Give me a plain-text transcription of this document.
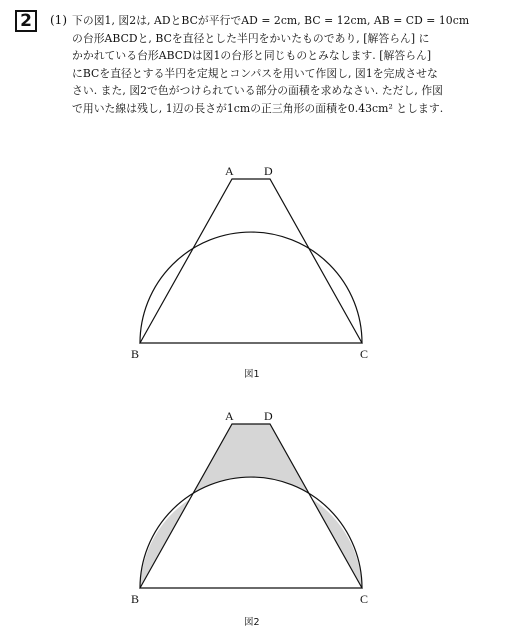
2	(1) 下の図1, 図2は, ADとBCが平行でAD = 2cm, BC = 12cm, AB = CD = 10cm
の台形ABCDと, BCを直径とした半円をかいたものであり, [解答らん] に
かかれている台形ABCDは図1の台形と同じものとみなします. [解答らん]
にBCを直径とする半円を定規とコンパスを用いて作図し, 図1を完成させな
さい. また, 図2で色がつけられている部分の面積を求めなさい. ただし, 作図
で用いた線は残し, 1辺の長さが1cmの正三角形の面積を0.43cm² とします.

A	D
B	C
図1
A	D
B	C
図2
